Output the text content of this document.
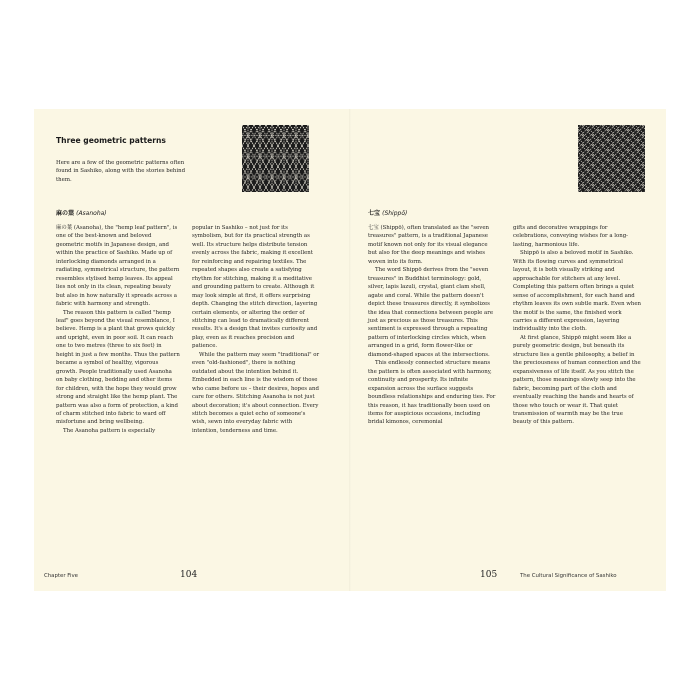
Three geometric patterns
Here are a few of the geometric patterns often found in Sashiko, along with the stories behind them.
麻の葉 (Asanoha)

麻の葉 (Asanoha), the "hemp leaf pattern", is one of the best-known and beloved geometric motifs in Japanese design, and within the practice of Sashiko. Made up of interlocking diamonds arranged in a radiating, symmetrical structure, the pattern resembles stylised hemp leaves. Its appeal lies not only in its clean, repeating beauty but also in how naturally it spreads across a fabric with harmony and strength.

The reason this pattern is called "hemp leaf" goes beyond the visual resemblance, I believe. Hemp is a plant that grows quickly and upright, even in poor soil. It can reach one to two metres (three to six feet) in height in just a few months. Thus the pattern became a symbol of healthy, vigorous growth. People traditionally used Asanoha on baby clothing, bedding and other items for children, with the hope they would grow strong and straight like the hemp plant. The pattern was also a form of protection, a kind of charm stitched into fabric to ward off misfortune and bring wellbeing.

The Asanoha pattern is especially

popular in Sashiko – not just for its symbolism, but for its practical strength as well. Its structure helps distribute tension evenly across the fabric, making it excellent for reinforcing and repairing textiles. The repeated shapes also create a satisfying rhythm for stitching, making it a meditative and grounding pattern to create. Although it may look simple at first, it offers surprising depth. Changing the stitch direction, layering certain elements, or altering the order of stitching can lead to dramatically different results. It's a design that invites curiosity and play, even as it reaches precision and patience.

While the pattern may seem "traditional" or even "old-fashioned", there is nothing outdated about the intention behind it. Embedded in each line is the wisdom of those who came before us – their desires, hopes and care for others. Stitching Asanoha is not just about decoration; it's about connection. Every stitch becomes a quiet echo of someone's wish, sewn into everyday fabric with intention, tenderness and time.

Chapter Five	104
七宝 (Shippō)

七宝 (Shippō), often translated as the "seven treasures" pattern, is a traditional Japanese motif known not only for its visual elegance but also for the deep meanings and wishes woven into its form.

The word Shippō derives from the "seven treasures" in Buddhist terminology: gold, silver, lapis lazuli, crystal, giant clam shell, agate and coral. While the pattern doesn't depict these treasures directly, it symbolizes the idea that connections between people are just as precious as those treasures. This sentiment is expressed through a repeating pattern of interlocking circles which, when arranged in a grid, form flower-like or diamond-shaped spaces at the intersections.

This endlessly connected structure means the pattern is often associated with harmony, continuity and prosperity. Its infinite expansion across the surface suggests boundless relationships and enduring ties. For this reason, it has traditionally been used on items for auspicious occasions, including bridal kimonos, ceremonial

gifts and decorative wrappings for celebrations, conveying wishes for a long-lasting, harmonious life.

Shippō is also a beloved motif in Sashiko. With its flowing curves and symmetrical layout, it is both visually striking and approachable for stitchers at any level. Completing this pattern often brings a quiet sense of accomplishment, for each hand and rhythm leaves its own subtle mark. Even when the motif is the same, the finished work carries a different expression, layering individuality into the cloth.

At first glance, Shippō might seem like a purely geometric design, but beneath its structure lies a gentle philosophy, a belief in the preciousness of human connection and the expansiveness of life itself. As you stitch the pattern, those meanings slowly seep into the fabric, becoming part of the cloth and eventually reaching the hands and hearts of those who touch or wear it. That quiet transmission of warmth may be the true beauty of this pattern.

105	The Cultural Significance of Sashiko
